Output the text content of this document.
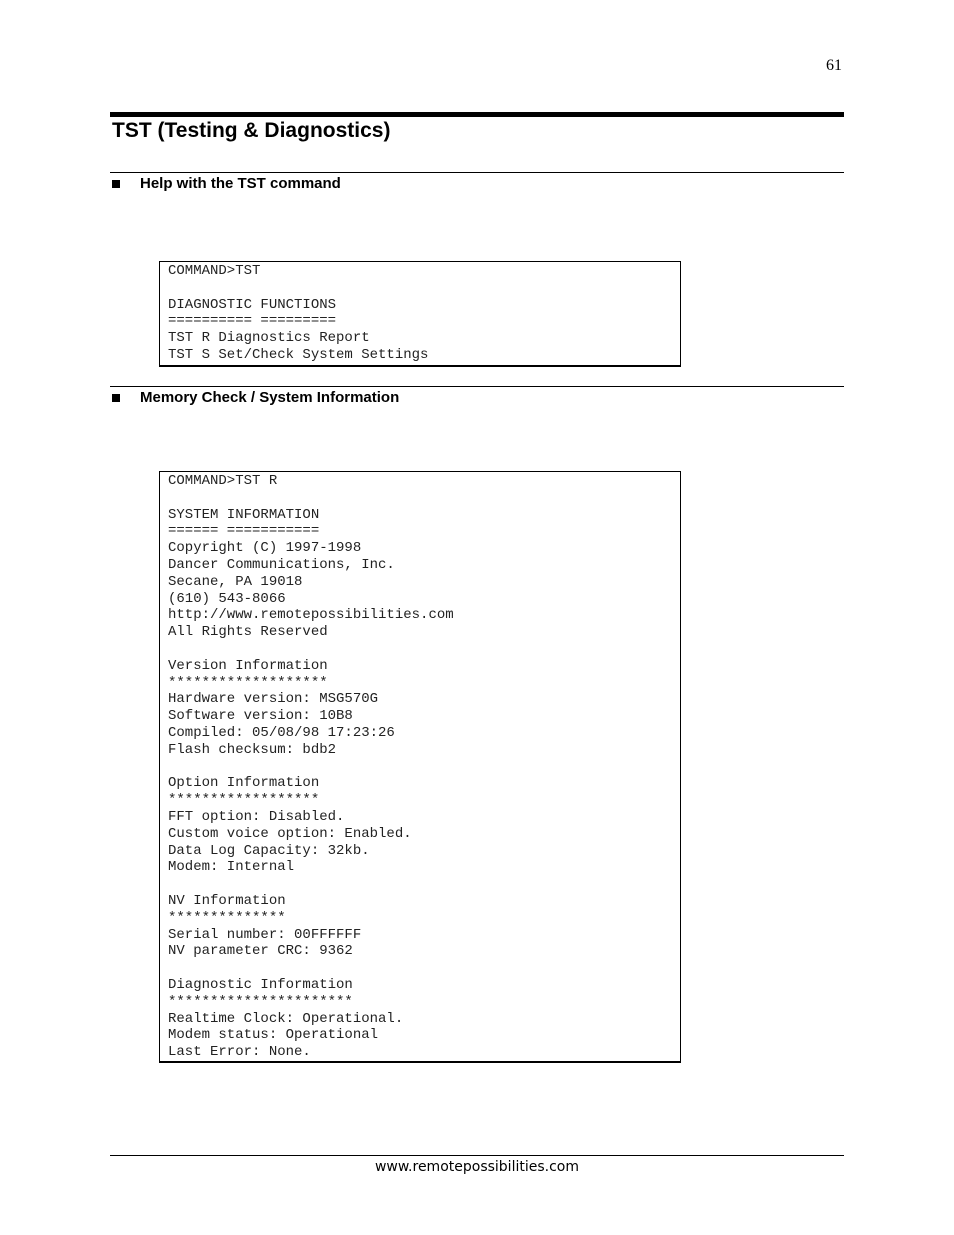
61
TST (Testing & Diagnostics)
Help with the TST command
COMMAND>TST
DIAGNOSTIC FUNCTIONS
========== =========
TST R Diagnostics Report
TST S Set/Check System Settings
Memory Check / System Information
COMMAND>TST R
SYSTEM INFORMATION
====== ===========
Copyright (C) 1997-1998
Dancer Communications, Inc.
Secane, PA 19018
(610) 543-8066
http://www.remotepossibilities.com
All Rights Reserved
Version Information
*******************
Hardware version: MSG570G
Software version: 10B8
Compiled: 05/08/98 17:23:26
Flash checksum: bdb2
Option Information
******************
FFT option: Disabled.
Custom voice option: Enabled.
Data Log Capacity: 32kb.
Modem: Internal
NV Information
**************
Serial number: 00FFFFFF
NV parameter CRC: 9362
Diagnostic Information
**********************
Realtime Clock: Operational.
Modem status: Operational
Last Error: None.
www.remotepossibilities.com
